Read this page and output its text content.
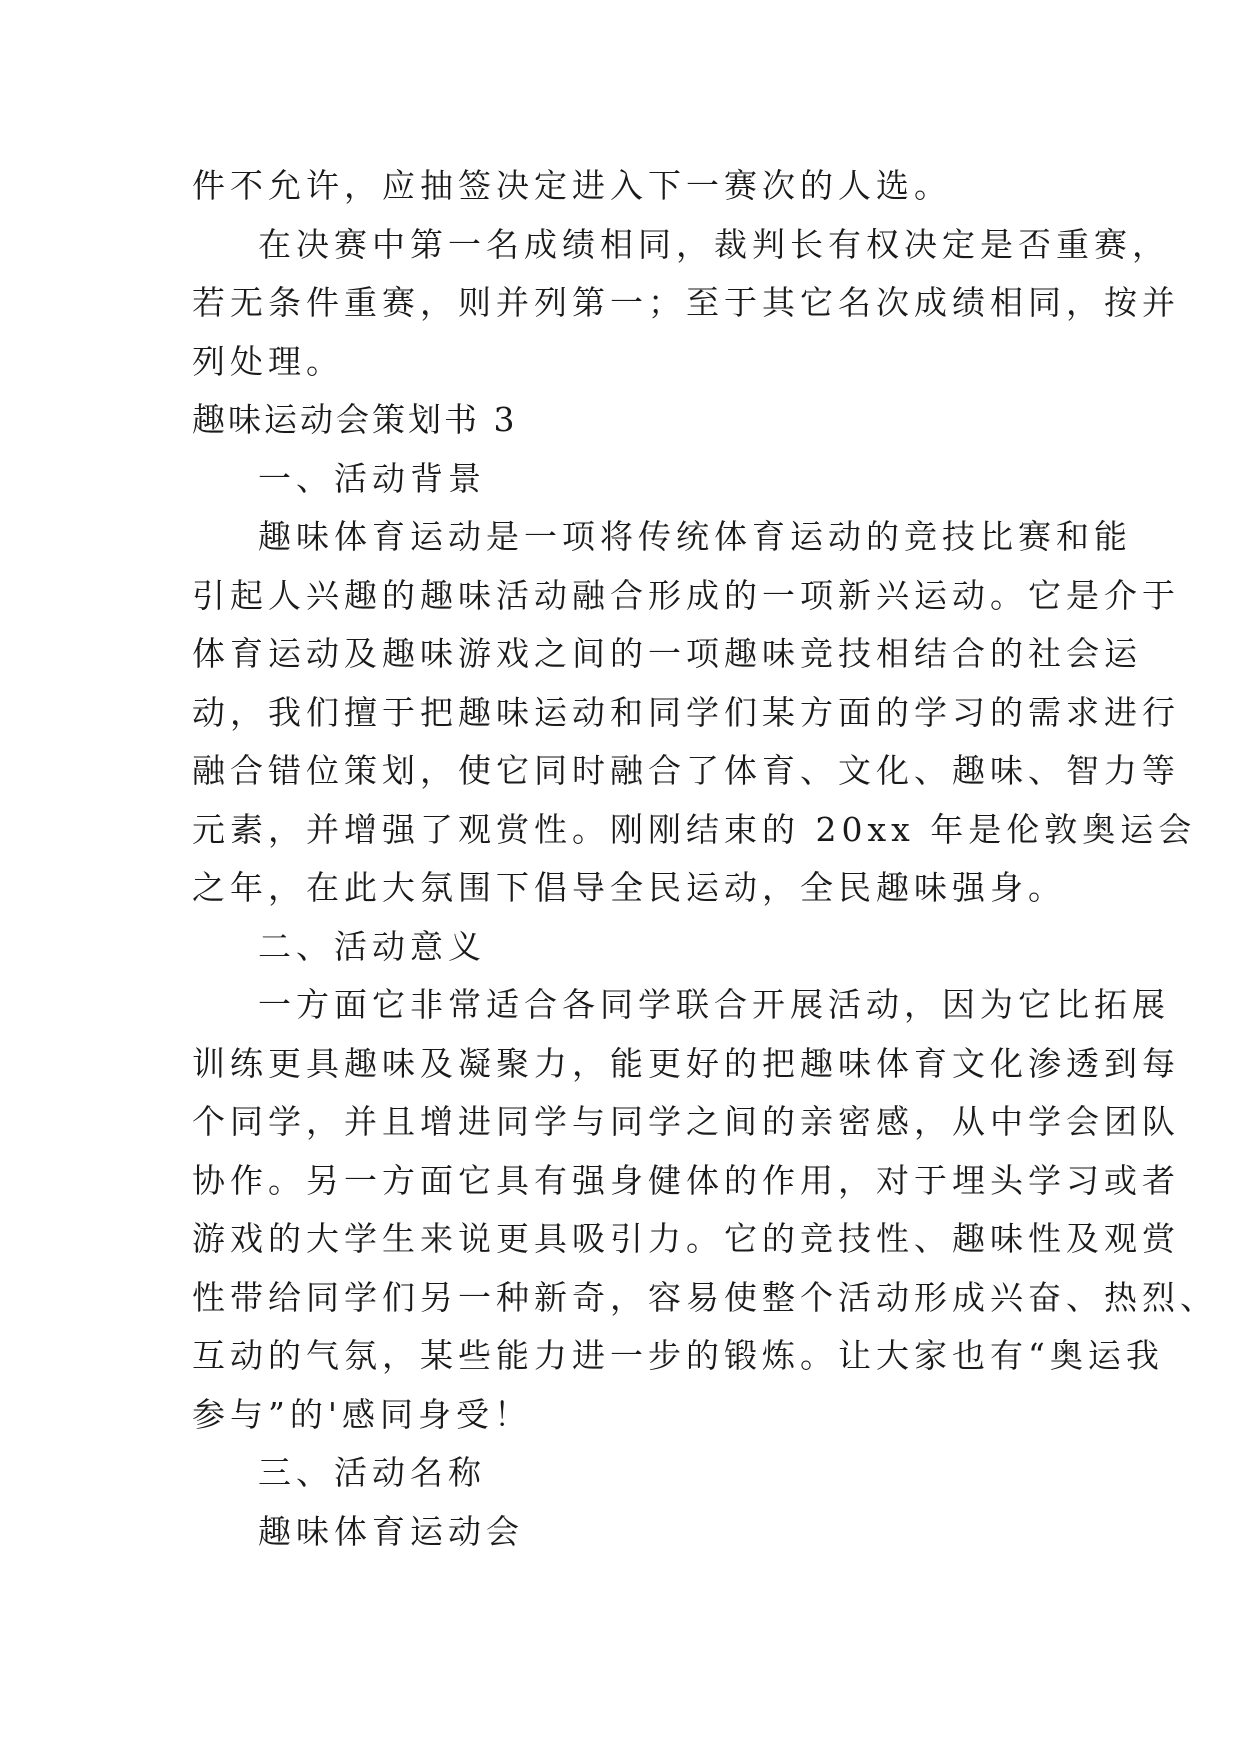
件不允许，应抽签决定进入下一赛次的人选。
在决赛中第一名成绩相同，裁判长有权决定是否重赛，
若无条件重赛，则并列第一；至于其它名次成绩相同，按并
列处理。
趣味运动会策划书 3
一、活动背景
趣味体育运动是一项将传统体育运动的竞技比赛和能
引起人兴趣的趣味活动融合形成的一项新兴运动。它是介于
体育运动及趣味游戏之间的一项趣味竞技相结合的社会运
动，我们擅于把趣味运动和同学们某方面的学习的需求进行
融合错位策划，使它同时融合了体育、文化、趣味、智力等
元素，并增强了观赏性。刚刚结束的 20xx 年是伦敦奥运会
之年，在此大氛围下倡导全民运动，全民趣味强身。
二、活动意义
一方面它非常适合各同学联合开展活动，因为它比拓展
训练更具趣味及凝聚力，能更好的把趣味体育文化渗透到每
个同学，并且增进同学与同学之间的亲密感，从中学会团队
协作。另一方面它具有强身健体的作用，对于埋头学习或者
游戏的大学生来说更具吸引力。它的竞技性、趣味性及观赏
性带给同学们另一种新奇，容易使整个活动形成兴奋、热烈、
互动的气氛，某些能力进一步的锻炼。让大家也有“奥运我
参与”的'感同身受！
三、活动名称
趣味体育运动会
